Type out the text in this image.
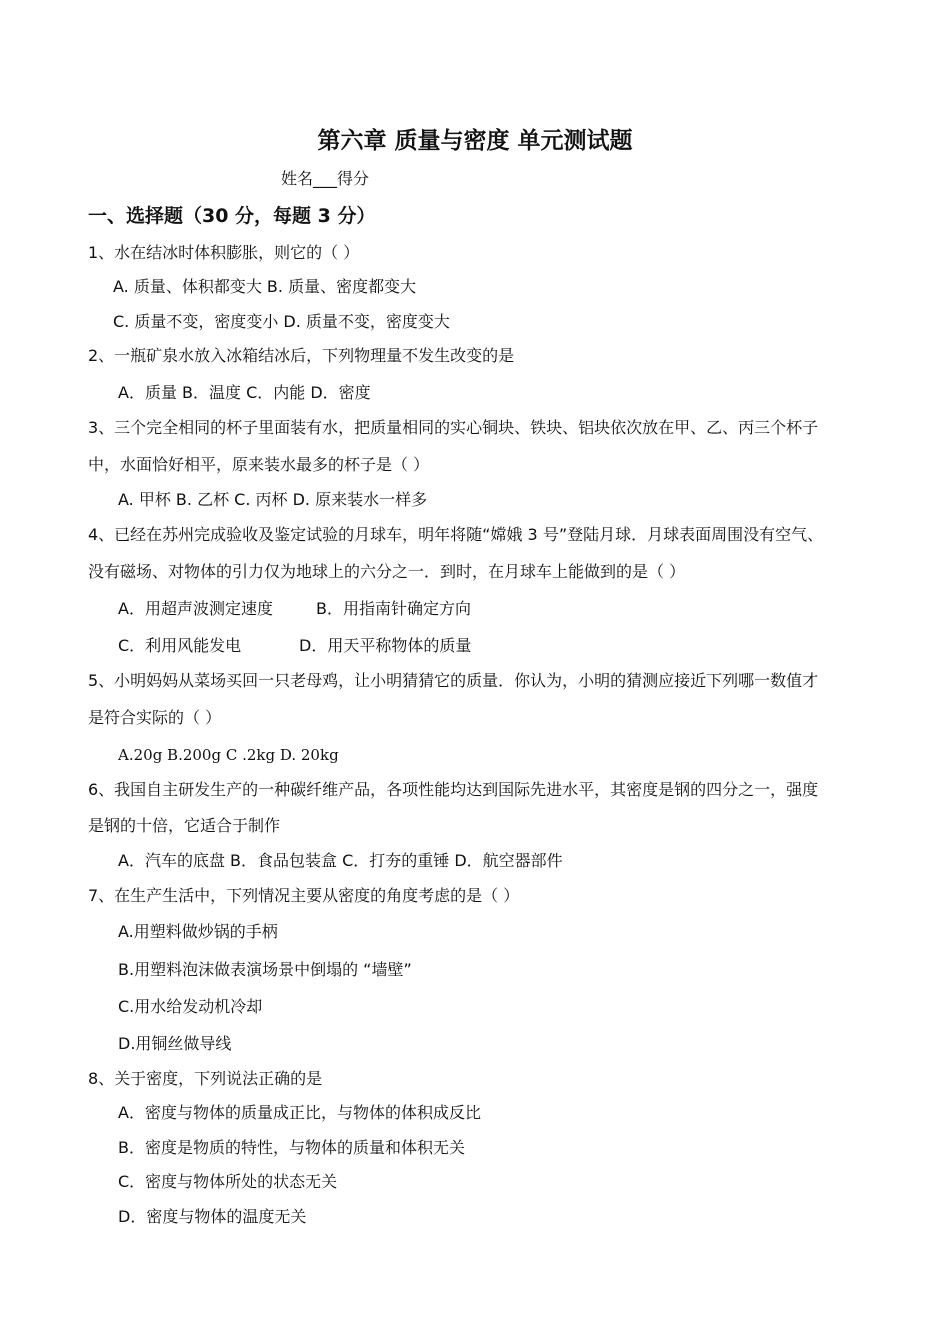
第六章 质量与密度 单元测试题
姓名___得分
一、选择题（30 分，每题 3 分）
1、水在结冰时体积膨胀，则它的（ ）
A. 质量、体积都变大 B. 质量、密度都变大
C. 质量不变，密度变小 D. 质量不变，密度变大
2、一瓶矿泉水放入冰箱结冰后，下列物理量不发生改变的是
A．质量 B．温度 C．内能 D．密度
3、三个完全相同的杯子里面装有水，把质量相同的实心铜块、铁块、铝块依次放在甲、乙、丙三个杯子
中，水面恰好相平，原来装水最多的杯子是（ ）
A. 甲杯 B. 乙杯 C. 丙杯 D. 原来装水一样多
4、已经在苏州完成验收及鉴定试验的月球车，明年将随“嫦娥 3 号”登陆月球．月球表面周围没有空气、
没有磁场、对物体的引力仅为地球上的六分之一．到时，在月球车上能做到的是（ ）
A．用超声波测定速度	B．用指南针确定方向
C．利用风能发电	D．用天平称物体的质量
5、小明妈妈从菜场买回一只老母鸡，让小明猜猜它的质量．你认为，小明的猜测应接近下列哪一数值才
是符合实际的（ ）
A.20g B.200g C .2kg D. 20kg
6、我国自主研发生产的一种碳纤维产品，各项性能均达到国际先进水平，其密度是钢的四分之一，强度
是钢的十倍，它适合于制作
A．汽车的底盘 B．食品包装盒 C．打夯的重锤 D．航空器部件
7、在生产生活中，下列情况主要从密度的角度考虑的是（ ）
A.用塑料做炒锅的手柄
B.用塑料泡沫做表演场景中倒塌的 “墙壁”
C.用水给发动机冷却
D.用铜丝做导线
8、关于密度，下列说法正确的是
A．密度与物体的质量成正比，与物体的体积成反比
B．密度是物质的特性，与物体的质量和体积无关
C．密度与物体所处的状态无关
D．密度与物体的温度无关
